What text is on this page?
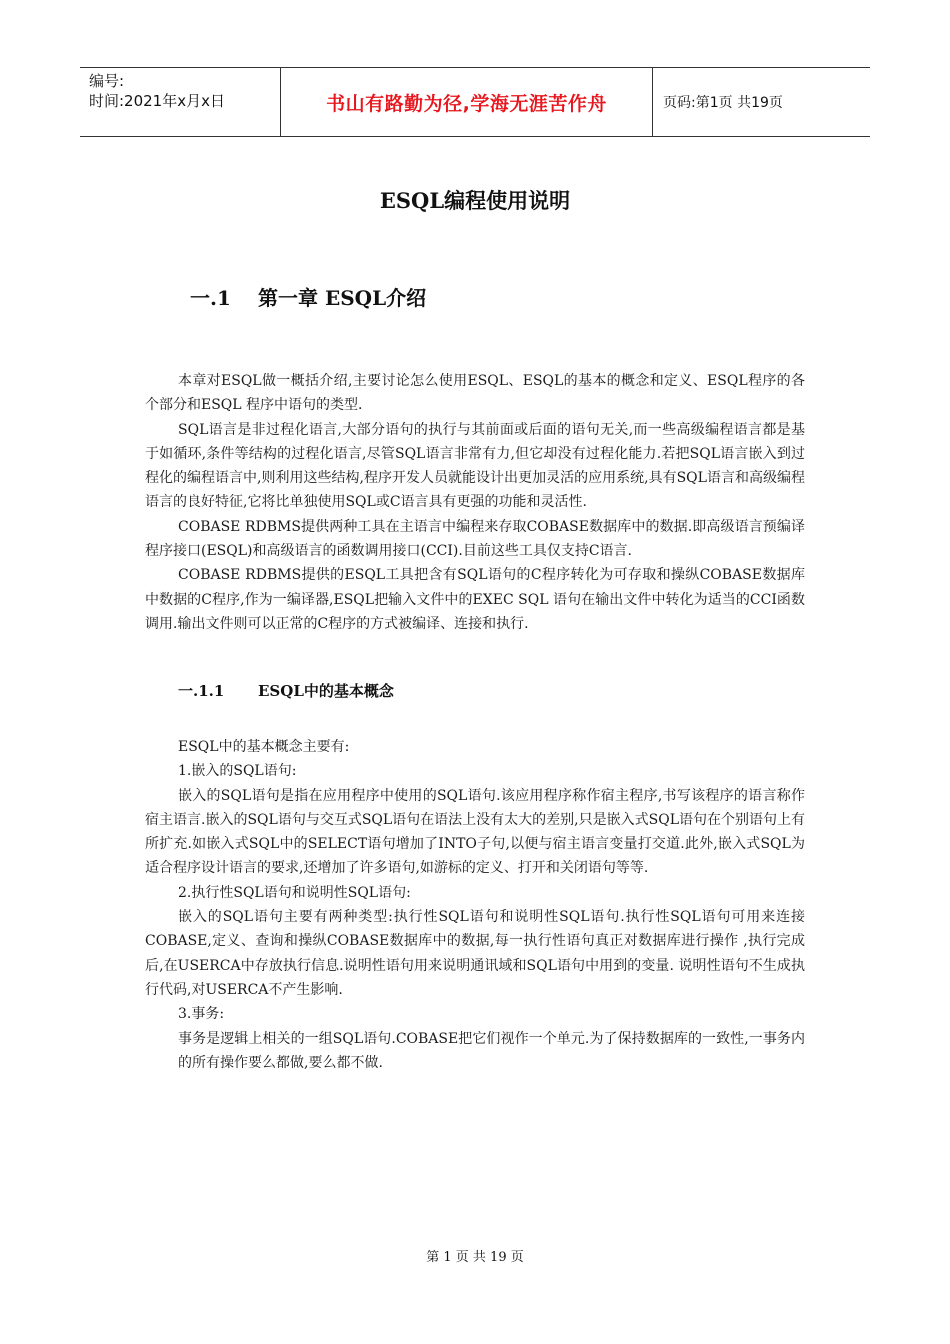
编号:
时间:2021年x月x日	书山有路勤为径,学海无涯苦作舟	页码:第1页 共19页
ESQL编程使用说明
一.1 第一章 ESQL介绍

本章对ESQL做一概括介绍,主要讨论怎么使用ESQL、ESQL的基本的概念和定义、ESQL程序的各个部分和ESQL 程序中语句的类型.

SQL语言是非过程化语言,大部分语句的执行与其前面或后面的语句无关,而一些高级编程语言都是基于如循环,条件等结构的过程化语言,尽管SQL语言非常有力,但它却没有过程化能力.若把SQL语言嵌入到过程化的编程语言中,则利用这些结构,程序开发人员就能设计出更加灵活的应用系统,具有SQL语言和高级编程语言的良好特征,它将比单独使用SQL或C语言具有更强的功能和灵活性.

COBASE RDBMS提供两种工具在主语言中编程来存取COBASE数据库中的数据.即高级语言预编译程序接口(ESQL)和高级语言的函数调用接口(CCI).目前这些工具仅支持C语言.

COBASE RDBMS提供的ESQL工具把含有SQL语句的C程序转化为可存取和操纵COBASE数据库中数据的C程序,作为一编译器,ESQL把输入文件中的EXEC SQL 语句在输出文件中转化为适当的CCI函数调用.输出文件则可以正常的C程序的方式被编译、连接和执行.

一.1.1 ESQL中的基本概念

ESQL中的基本概念主要有:

1.嵌入的SQL语句:

嵌入的SQL语句是指在应用程序中使用的SQL语句.该应用程序称作宿主程序,书写该程序的语言称作宿主语言.嵌入的SQL语句与交互式SQL语句在语法上没有太大的差别,只是嵌入式SQL语句在个别语句上有所扩充.如嵌入式SQL中的SELECT语句增加了INTO子句,以便与宿主语言变量打交道.此外,嵌入式SQL为适合程序设计语言的要求,还增加了许多语句,如游标的定义、打开和关闭语句等等.

2.执行性SQL语句和说明性SQL语句:

嵌入的SQL语句主要有两种类型:执行性SQL语句和说明性SQL语句.执行性SQL语句可用来连接COBASE,定义、查询和操纵COBASE数据库中的数据,每一执行性语句真正对数据库进行操作 ,执行完成后,在USERCA中存放执行信息.说明性语句用来说明通讯域和SQL语句中用到的变量. 说明性语句不生成执行代码,对USERCA不产生影响.

3.事务:

事务是逻辑上相关的一组SQL语句.COBASE把它们视作一个单元.为了保持数据库的一致性,一事务内的所有操作要么都做,要么都不做.

第 1 页 共 19 页
